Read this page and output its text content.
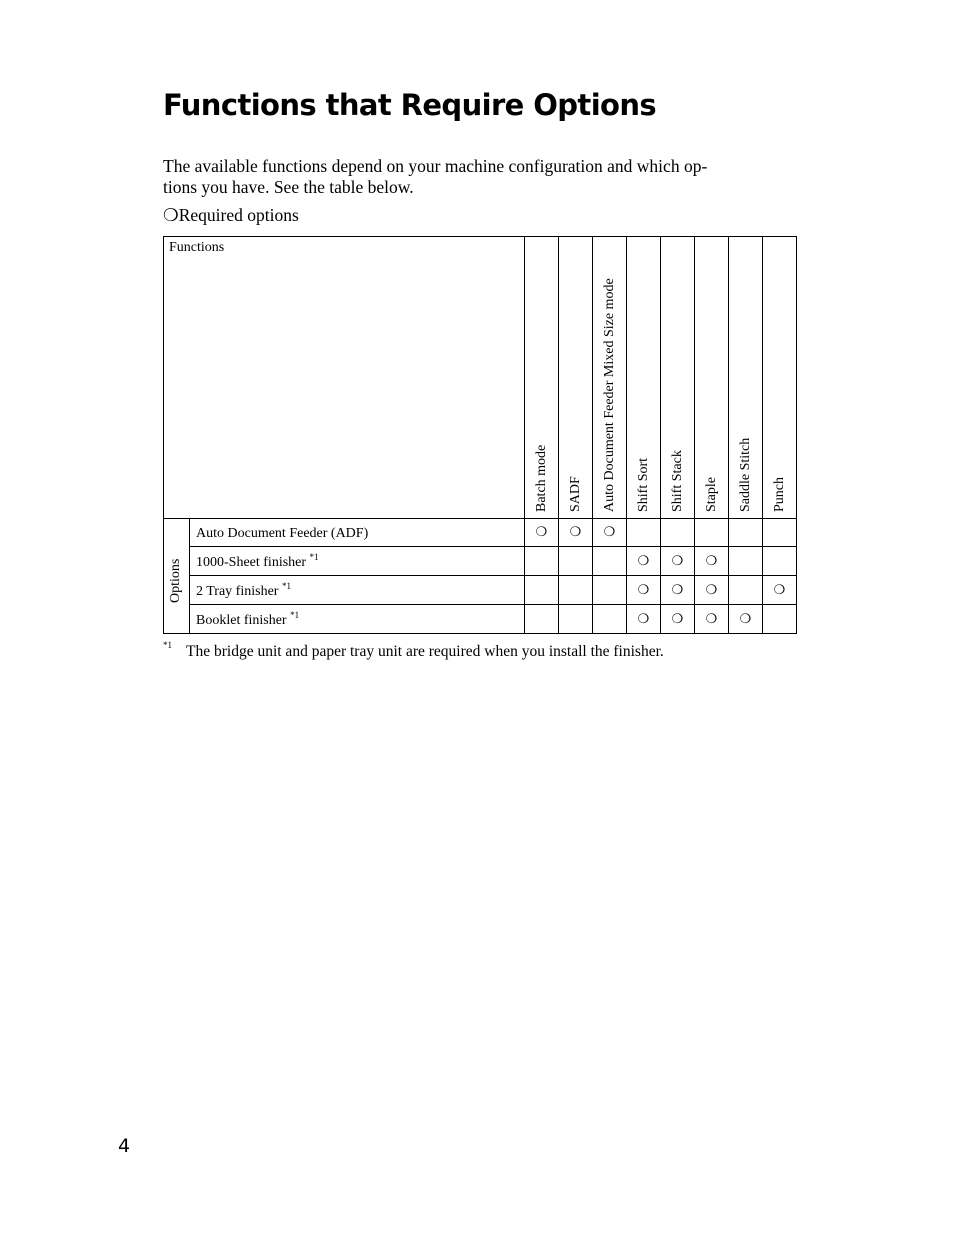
Functions that Require Options

The available functions depend on your machine configuration and which op-
tions you have. See the table below.

❍Required options
Functions		Batch mode	SADF	Auto Document Feeder Mixed Size mode	Shift Sort	Shift Stack	Staple	Saddle Stitch	Punch

Options	Auto Document Feeder (ADF)	❍	❍	❍					
	1000-Sheet finisher $^{*1}$				❍	❍	❍		
	2 Tray finisher $^{*1}$				❍	❍	❍		❍
	Booklet finisher $^{*1}$				❍	❍	❍	❍	
$^{*1}$ The bridge unit and paper tray unit are required when you install the finisher.
4
